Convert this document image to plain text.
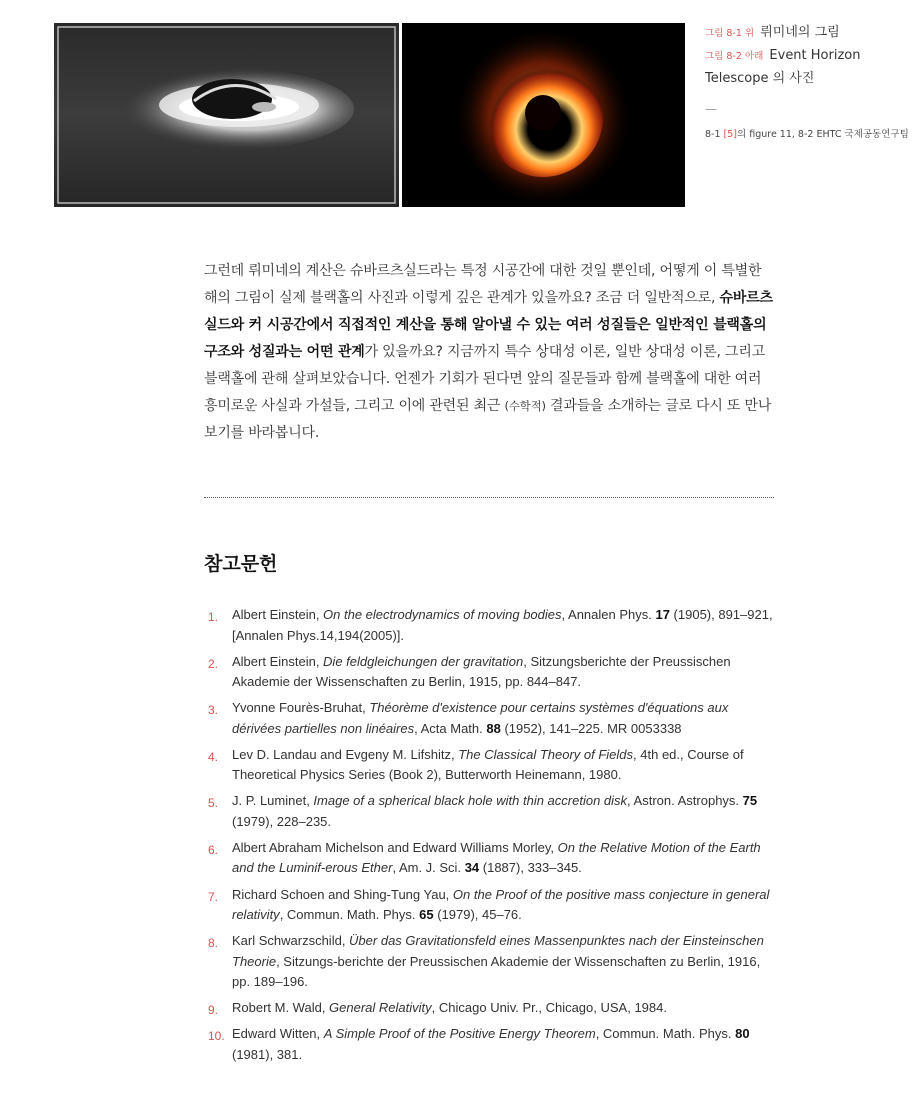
그림 8-1 위 뤼미네의 그림
그림 8-2 아래 Event Horizon Telescope 의 사진
—
8-1 [5]의 figure 11, 8-2 EHTC 국제공동연구팀
그런데 뤼미네의 계산은 슈바르츠실드라는 특정 시공간에 대한 것일 뿐인데, 어떻게 이 특별한 해의 그림이 실제 블랙홀의 사진과 이렇게 깊은 관계가 있을까요? 조금 더 일반적으로, 슈바르츠실드와 커 시공간에서 직접적인 계산을 통해 알아낼 수 있는 여러 성질들은 일반적인 블랙홀의 구조와 성질과는 어떤 관계가 있을까요? 지금까지 특수 상대성 이론, 일반 상대성 이론, 그리고 블랙홀에 관해 살펴보았습니다. 언젠가 기회가 된다면 앞의 질문들과 함께 블랙홀에 대한 여러 흥미로운 사실과 가설들, 그리고 이에 관련된 최근 (수학적) 결과들을 소개하는 글로 다시 또 만나보기를 바라봅니다.
참고문헌
1. Albert Einstein, On the electrodynamics of moving bodies, Annalen Phys. 17 (1905), 891–921, [Annalen Phys.14,194(2005)].
2. Albert Einstein, Die feldgleichungen der gravitation, Sitzungsberichte der Preussischen Akademie der Wissenschaften zu Berlin, 1915, pp. 844–847.
3. Yvonne Fourès-Bruhat, Théorème d'existence pour certains systèmes d'équations aux dérivées partielles non linéaires, Acta Math. 88 (1952), 141–225. MR 0053338
4. Lev D. Landau and Evgeny M. Lifshitz, The Classical Theory of Fields, 4th ed., Course of Theoretical Physics Series (Book 2), Butterworth Heinemann, 1980.
5. J. P. Luminet, Image of a spherical black hole with thin accretion disk, Astron. Astrophys. 75 (1979), 228–235.
6. Albert Abraham Michelson and Edward Williams Morley, On the Relative Motion of the Earth and the Luminif-erous Ether, Am. J. Sci. 34 (1887), 333–345.
7. Richard Schoen and Shing-Tung Yau, On the Proof of the positive mass conjecture in general relativity, Commun. Math. Phys. 65 (1979), 45–76.
8. Karl Schwarzschild, Über das Gravitationsfeld eines Massenpunktes nach der Einsteinschen Theorie, Sitzungs-berichte der Preussischen Akademie der Wissenschaften zu Berlin, 1916, pp. 189–196.
9. Robert M. Wald, General Relativity, Chicago Univ. Pr., Chicago, USA, 1984.
10. Edward Witten, A Simple Proof of the Positive Energy Theorem, Commun. Math. Phys. 80 (1981), 381.
